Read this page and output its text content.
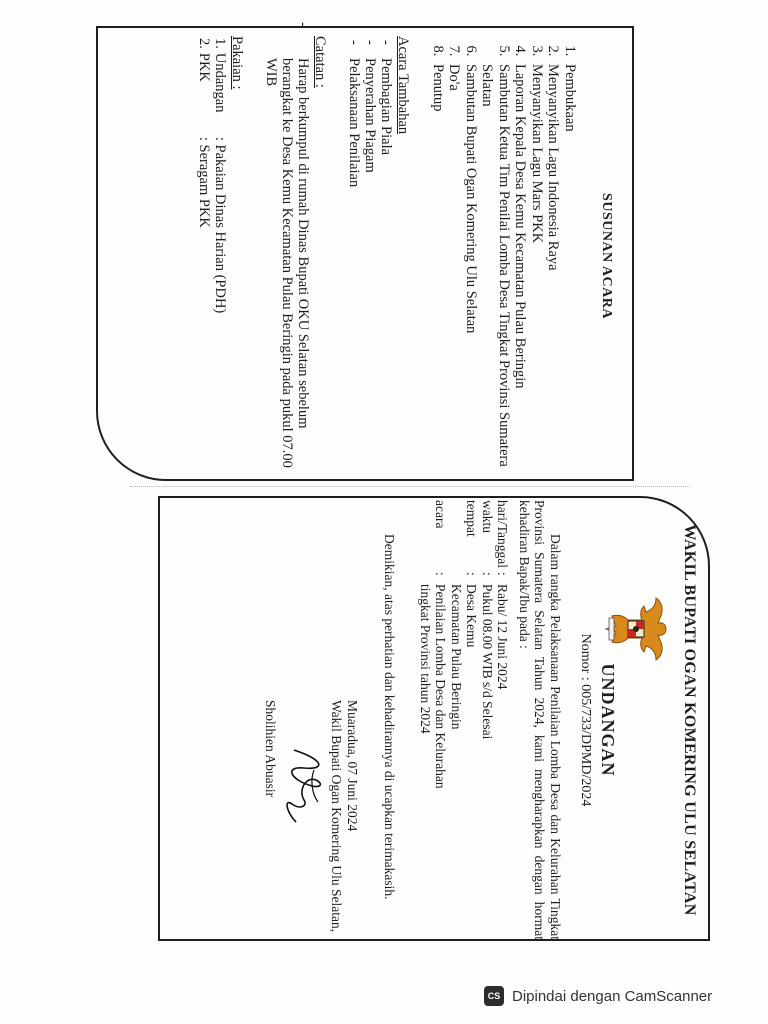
SUSUNAN ACARA
1. Pembukaan
2. Menyanyikan Lagu Indonesia Raya
3. Menyanyikan Lagu Mars PKK
4. Laporan Kepala Desa Kemu Kecamatan Pulau Beringin
5. Sambutan Ketua Tim Penilai Lomba Desa Tingkat Provinsi Sumatera Selatan
6. Sambutan Bupati Ogan Komering Ulu Selatan
7. Do'a
8. Penutup
Acara Tambahan
- Pembagian Piala
- Penyerahan Piagam
- Pelaksanaan Penilaian
Catatan :
- Harap berkumpul di rumah Dinas Bupati OKU Selatan sebelum berangkat ke Desa Kemu Kecamatan Pulau Beringin pada pukul 07.00 WIB
Pakaian :
1.	Undangan	: Pakaian Dinas Harian (PDH)
2.	PKK	: Seragam PKK
WAKIL BUPATI OGAN KOMERING ULU SELATAN
UNDANGAN
Nomor : 005/733/DPMD/2024

Dalam rangka Pelaksanaan Penilaian Lomba Desa dan Kelurahan Tingkat Provinsi Sumatera Selatan Tahun 2024, kami mengharapkan dengan hormat kehadiran Bapak/Ibu pada :

hari/Tanggal	:	Rabu/ 12 Juni 2024
waktu	:	Pukul 08.00 WIB s/d Selesai
tempat	:	Desa Kemu
Kecamatan Pulau Beringin
acara	:	Penilaian Lomba Desa dan Kelurahan
tingkat Provinsi tahun 2024

Demikian, atas perhatian dan kehadirannya di ucapkan terimakasih.

Muaradua, 07 Juni 2024
Wakil Bupati Ogan Komering Ulu Selatan,
Sholihien Abuasir
CS Dipindai dengan CamScanner
